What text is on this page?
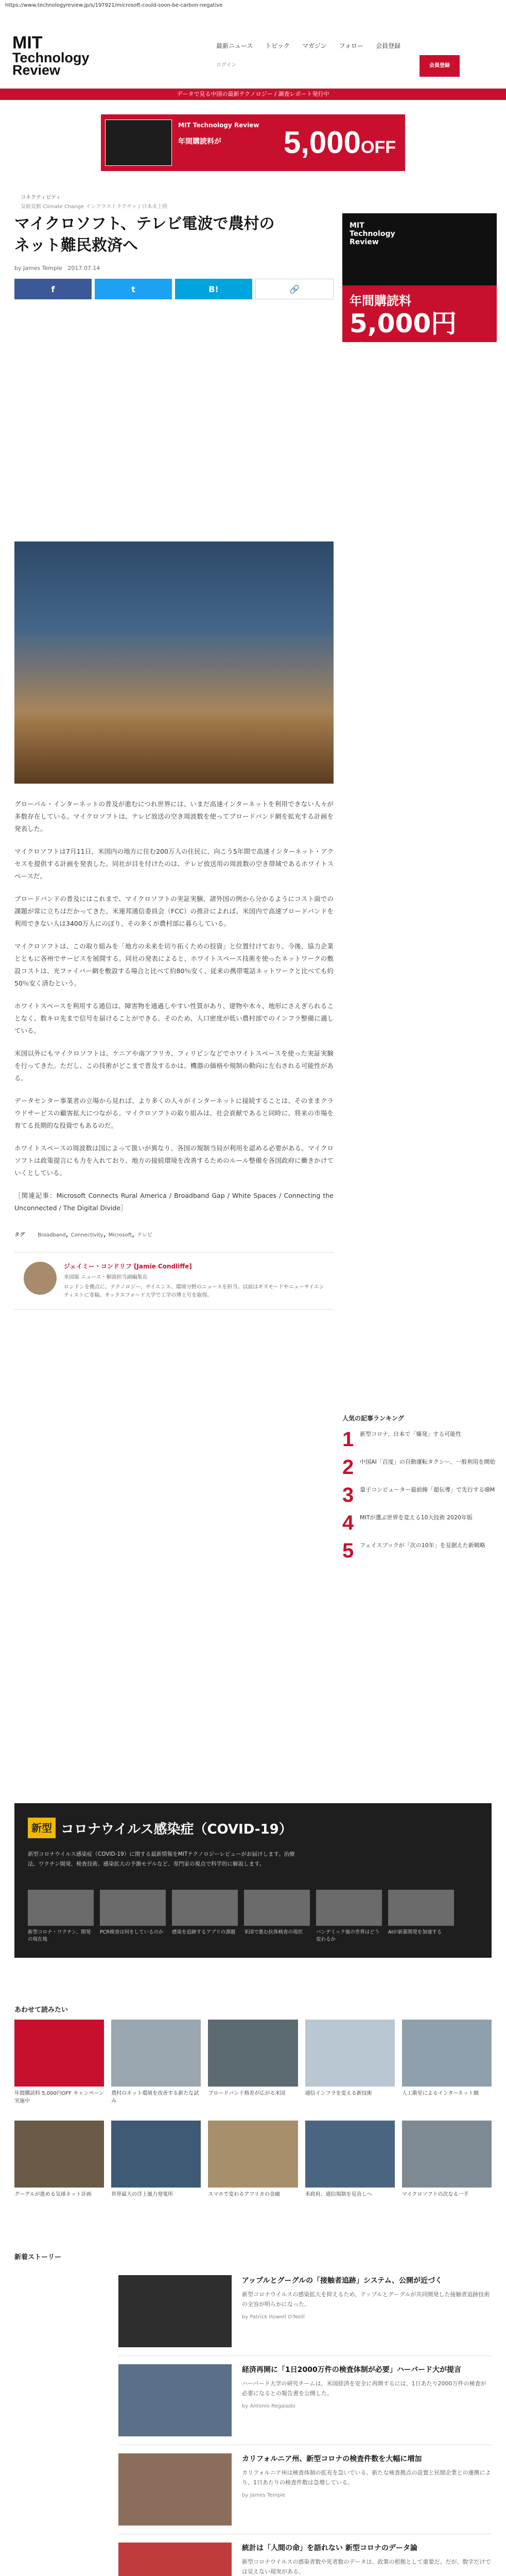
https://www.technologyreview.jp/s/197921/microsoft-could-soon-be-carbon-negative
MIT
Technology Review
最新ニュース トピック マガジン フォロー 会員登録
ログイン	会員登録
データで見る中国の最新テクノロジー / 調査レポート発行中
MIT Technology Review
年間購読料が 5,000OFF
コネクティビティ
気候変動 Climate Change インフラストラクチャ / 日本未上陸
マイクロソフト、テレビ電波で農村の
ネット難民救済へ
by James Temple 2017.07.14
f	t	B!	🔗

グローバル・インターネットの普及が進むにつれ世界には、いまだ高速インターネットを利用できない人々が多数存在している。マイクロソフトは、テレビ放送の空き周波数を使ってブロードバンド網を拡充する計画を発表した。

マイクロソフトは7月11日、米国内の地方に住む200万人の住民に、向こう5年間で高速インターネット・アクセスを提供する計画を発表した。同社が目を付けたのは、テレビ放送用の周波数の空き帯域であるホワイトスペースだ。

ブロードバンドの普及にはこれまで、マイクロソフトの実証実験、諸外国の例から分かるようにコスト面での課題が常に立ちはだかってきた。米連邦通信委員会（FCC）の推計によれば、米国内で高速ブロードバンドを利用できない人は3400万人にのぼり、その多くが農村部に暮らしている。

マイクロソフトは、この取り組みを「地方の未来を切り拓くための投資」と位置付けており、今後、協力企業とともに各州でサービスを展開する。同社の発表によると、ホワイトスペース技術を使ったネットワークの敷設コストは、光ファイバー網を敷設する場合と比べて約80％安く、従来の携帯電話ネットワークと比べても約50％安く済むという。

ホワイトスペースを利用する通信は、障害物を通過しやすい性質があり、建物や木々、地形にさえぎられることなく、数キロ先まで信号を届けることができる。そのため、人口密度が低い農村部でのインフラ整備に適している。

米国以外にもマイクロソフトは、ケニアや南アフリカ、フィリピンなどでホワイトスペースを使った実証実験を行ってきた。ただし、この技術がどこまで普及するかは、機器の価格や規制の動向に左右される可能性がある。

データセンター事業者の立場から見れば、より多くの人々がインターネットに接続することは、そのままクラウドサービスの顧客拡大につながる。マイクロソフトの取り組みは、社会貢献であると同時に、将来の市場を育てる長期的な投資でもあるのだ。

ホワイトスペースの周波数は国によって扱いが異なり、各国の規制当局が利用を認める必要がある。マイクロソフトは政策提言にも力を入れており、地方の接続環境を改善するためのルール整備を各国政府に働きかけていくとしている。

［関連記事：Microsoft Connects Rural America / Broadband Gap / White Spaces / Connecting the Unconnected / The Digital Divide］

タグ	Broadband, Connectivity, Microsoft, テレビ
ジェイミー・コンドリフ [Jamie Condliffe]
米国版 ニュース・解説担当副編集長
ロンドンを拠点に、テクノロジー、サイエンス、環境分野のニュースを担当。以前はギズモードやニューサイエンティストに寄稿。オックスフォード大学で工学の博士号を取得。
MIT
Technology
Review
年間購読料
5,000円OFF
人気の記事ランキング
1 新型コロナ、日本で「爆発」する可能性
2 中国AI「百度」の自動運転タクシー、一般利用を開始
3 量子コンピューター最前線「超伝導」で先行するIBM
4 MITが選ぶ世界を変える10大技術 2020年版
5 フェイスブックが「次の10年」を見据えた新戦略
新型 コロナウイルス感染症（COVID-19）
新型コロナウイルス感染症（COVID-19）に関する最新情報をMITテクノロジーレビューがお届けします。治療法、ワクチン開発、検査技術、感染拡大の予測モデルなど、専門家の視点で科学的に解説します。
新型コロナ・ワクチン、開発の現在地
PCR検査は何をしているのか	感染を追跡するアプリの課題	米国で進む抗体検査の現状	パンデミック後の世界はどう変わるか
AIが新薬開発を加速する
あわせて読みたい
年間購読料 5,000円OFF キャンペーン実施中
農村のネット環境を改善する新たな試み
ブロードバンド格差が広がる米国	通信インフラを変える新技術	人工衛星によるインターネット網
グーグルが進める気球ネット計画	世界最大の洋上風力発電所	スマホで変わるアフリカの金融	米政府、通信規制を見直しへ	マイクロソフトの次なる一手
新着ストーリー
アップルとグーグルの「接触者追跡」システム、公開が近づく

新型コロナウイルスの感染拡大を抑えるため、アップルとグーグルが共同開発した接触者追跡技術の全容が明らかになった。

by Patrick Howell O'Neill
経済再開に「1日2000万件の検査体制が必要」ハーバード大が提言

ハーバード大学の研究チームは、米国経済を安全に再開するには、1日あたり2000万件の検査が必要になるとの報告書を公開した。

by Antonio Regalado
カリフォルニア州、新型コロナの検査件数を大幅に増加

カリフォルニア州は検査体制の拡充を急いでいる。新たな検査拠点の設置と民間企業との連携により、1日あたりの検査件数は急増している。

by James Temple
統計は「人間の命」を語れない 新型コロナのデータ論

新型コロナウイルスの感染者数や死者数のデータは、政策の根拠として重要だ。だが、数字だけでは見えない現実がある。
